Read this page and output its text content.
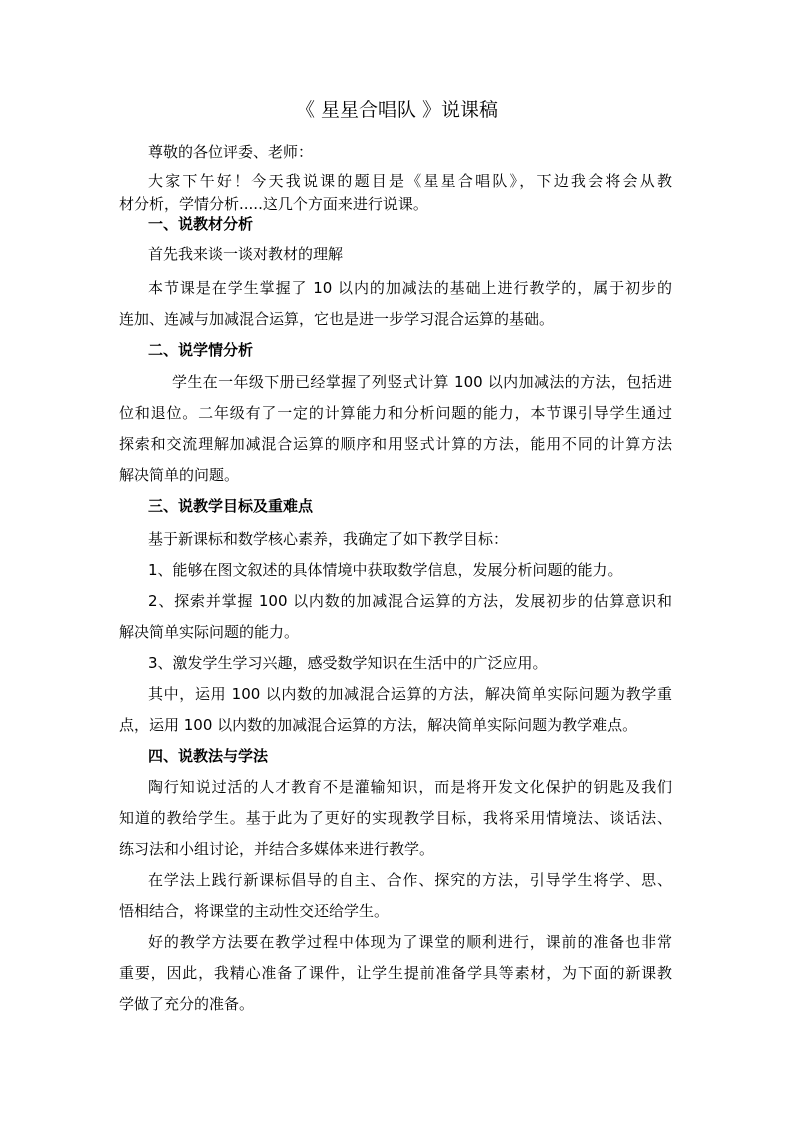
《 星星合唱队 》说课稿
尊敬的各位评委、老师：
大家下午好！今天我说课的题目是《星星合唱队》，下边我会将会从教
材分析，学情分析.....这几个方面来进行说课。
一、说教材分析
首先我来谈一谈对教材的理解
本节课是在学生掌握了 10 以内的加减法的基础上进行教学的，属于初步的
连加、连减与加减混合运算，它也是进一步学习混合运算的基础。
二、说学情分析
学生在一年级下册已经掌握了列竖式计算 100 以内加减法的方法，包括进
位和退位。二年级有了一定的计算能力和分析问题的能力，本节课引导学生通过
探索和交流理解加减混合运算的顺序和用竖式计算的方法，能用不同的计算方法
解决简单的问题。
三、说教学目标及重难点
基于新课标和数学核心素养，我确定了如下教学目标：
1、能够在图文叙述的具体情境中获取数学信息，发展分析问题的能力。
2、探索并掌握 100 以内数的加减混合运算的方法，发展初步的估算意识和
解决简单实际问题的能力。
3、激发学生学习兴趣，感受数学知识在生活中的广泛应用。
其中，运用 100 以内数的加减混合运算的方法，解决简单实际问题为教学重
点，运用 100 以内数的加减混合运算的方法，解决简单实际问题为教学难点。
四、说教法与学法
陶行知说过活的人才教育不是灌输知识，而是将开发文化保护的钥匙及我们
知道的教给学生。基于此为了更好的实现教学目标，我将采用情境法、谈话法、
练习法和小组讨论，并结合多媒体来进行教学。
在学法上践行新课标倡导的自主、合作、探究的方法，引导学生将学、思、
悟相结合，将课堂的主动性交还给学生。
好的教学方法要在教学过程中体现为了课堂的顺利进行，课前的准备也非常
重要，因此，我精心准备了课件，让学生提前准备学具等素材，为下面的新课教
学做了充分的准备。
